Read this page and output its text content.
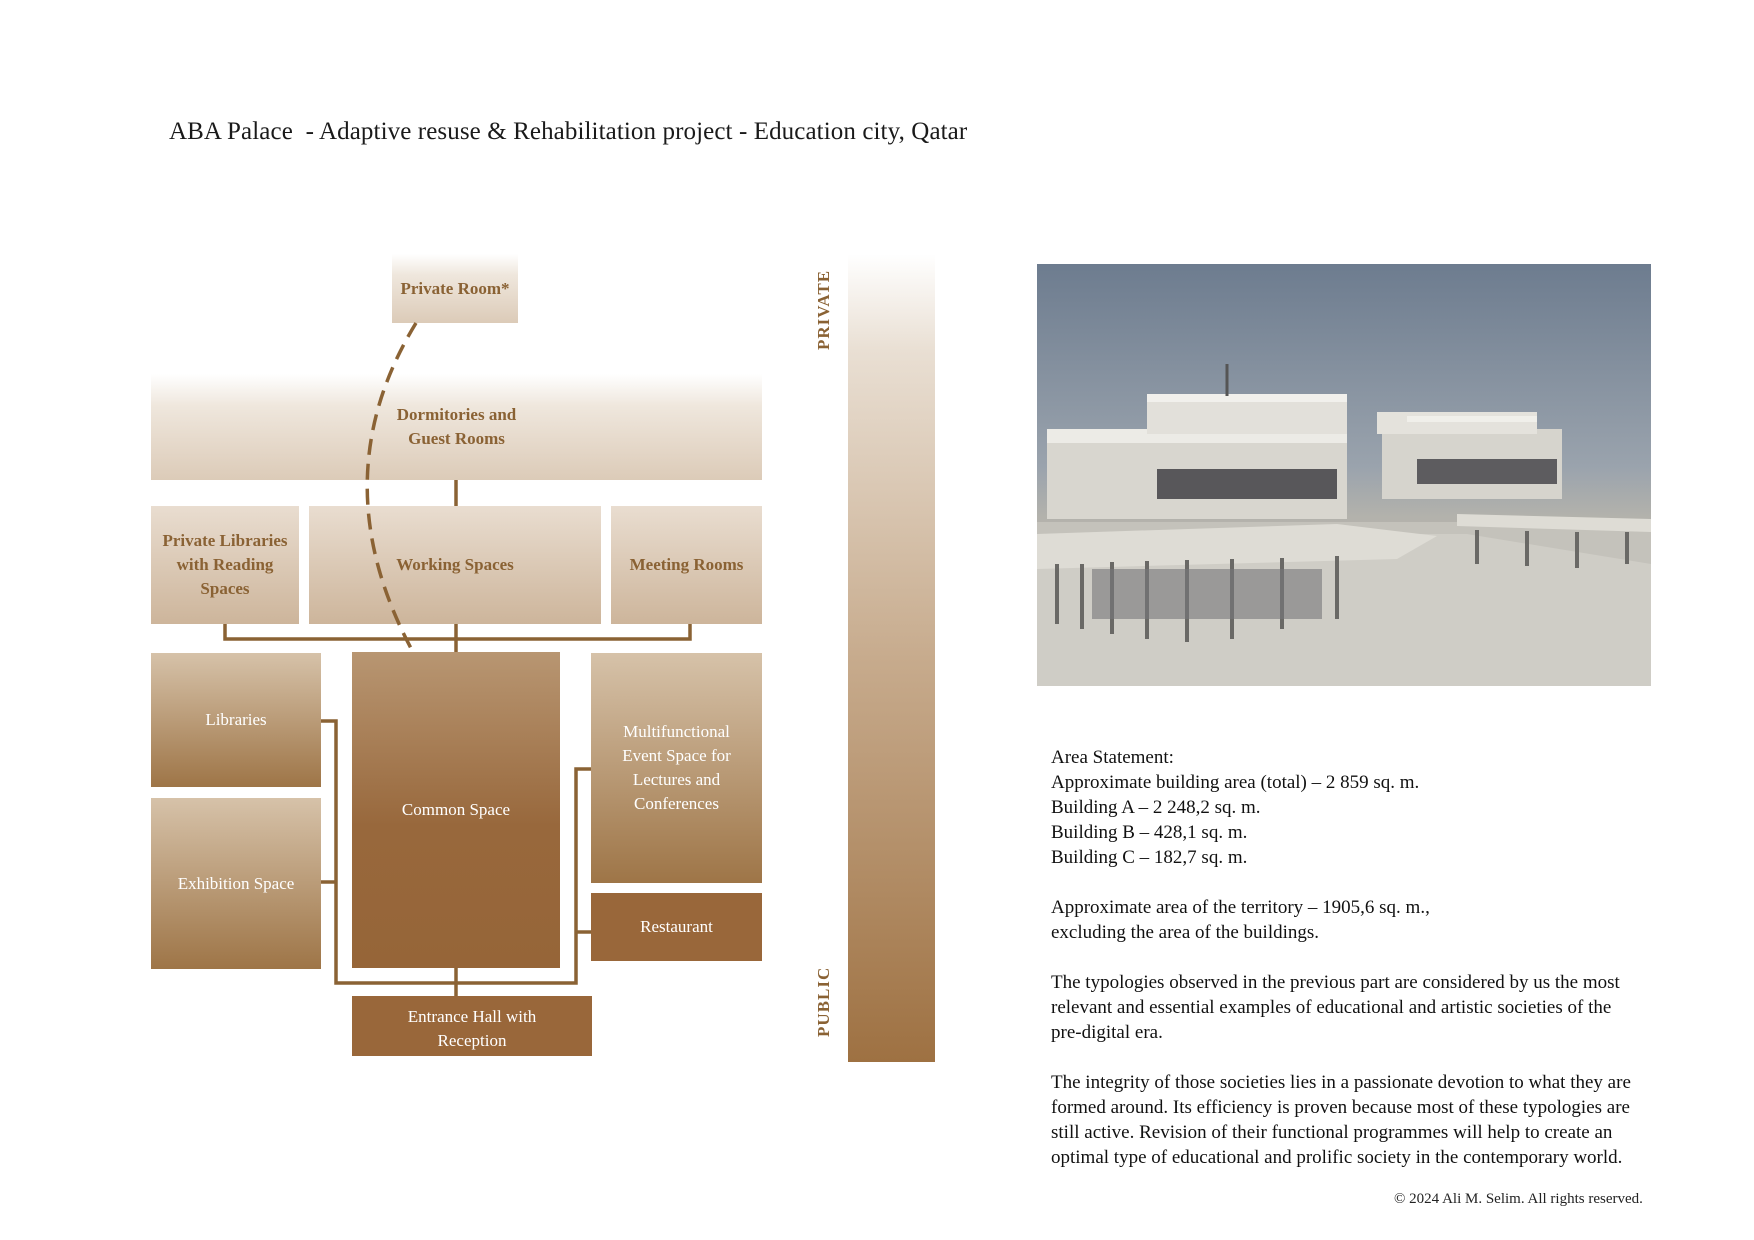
ABA Palace  - Adaptive resuse & Rehabilitation project - Education city, Qatar
Private Room*
Dormitories and
Guest Rooms
Private Libraries
with Reading
Spaces
Working Spaces	Meeting Rooms
Libraries
Exhibition Space
Common Space
Multifunctional
Event Space for
Lectures and
Conferences
Restaurant
Entrance Hall with
Reception
PRIVATE
PUBLIC

Area Statement:
Approximate building area (total) – 2 859 sq. m.
Building A – 2 248,2 sq. m.
Building B – 428,1 sq. m.
Building C – 182,7 sq. m.

Approximate area of the territory – 1905,6 sq. m.,
excluding the area of the buildings.

The typologies observed in the previous part are considered by us the most
relevant and essential examples of educational and artistic societies of the
pre-digital era.

The integrity of those societies lies in a passionate devotion to what they are
formed around. Its efficiency is proven because most of these typologies are
still active. Revision of their functional programmes will help to create an
optimal type of educational and prolific society in the contemporary world.

© 2024 Ali M. Selim. All rights reserved.
